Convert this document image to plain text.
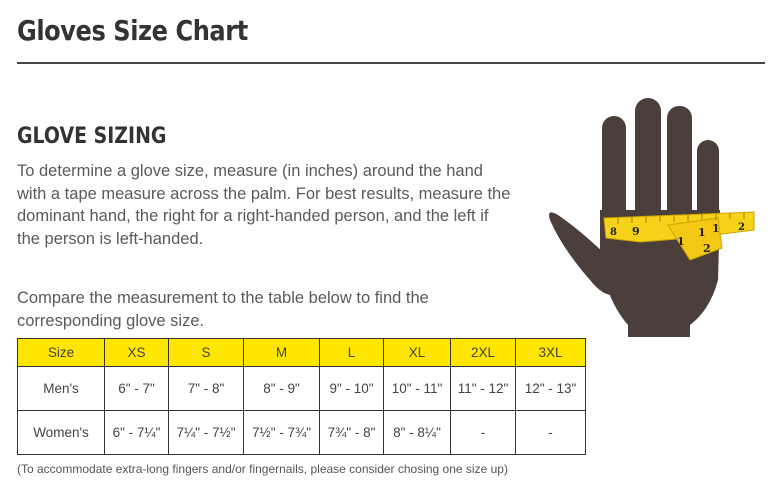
Gloves Size Chart
GLOVE SIZING

To determine a glove size, measure (in inches) around the hand with a tape measure across the palm. For best results, measure the dominant hand, the right for a right-handed person, and the left if the person is left-handed.

Compare the measurement to the table below to find the corresponding glove size.

Size	XS	S	M	L	XL	2XL	3XL
Men's	6" - 7"	7" - 8"	8" - 9"	9" - 10"	10" - 11"	11" - 12"	12" - 13"
Women's	6" - 7¼"	7¼" - 7½"	7½" - 7¾"	7¾" - 8"	8" - 8¼"	-	-
(To accommodate extra-long fingers and/or fingernails, please consider chosing one size up)
8 9
1
1 1 2
2
